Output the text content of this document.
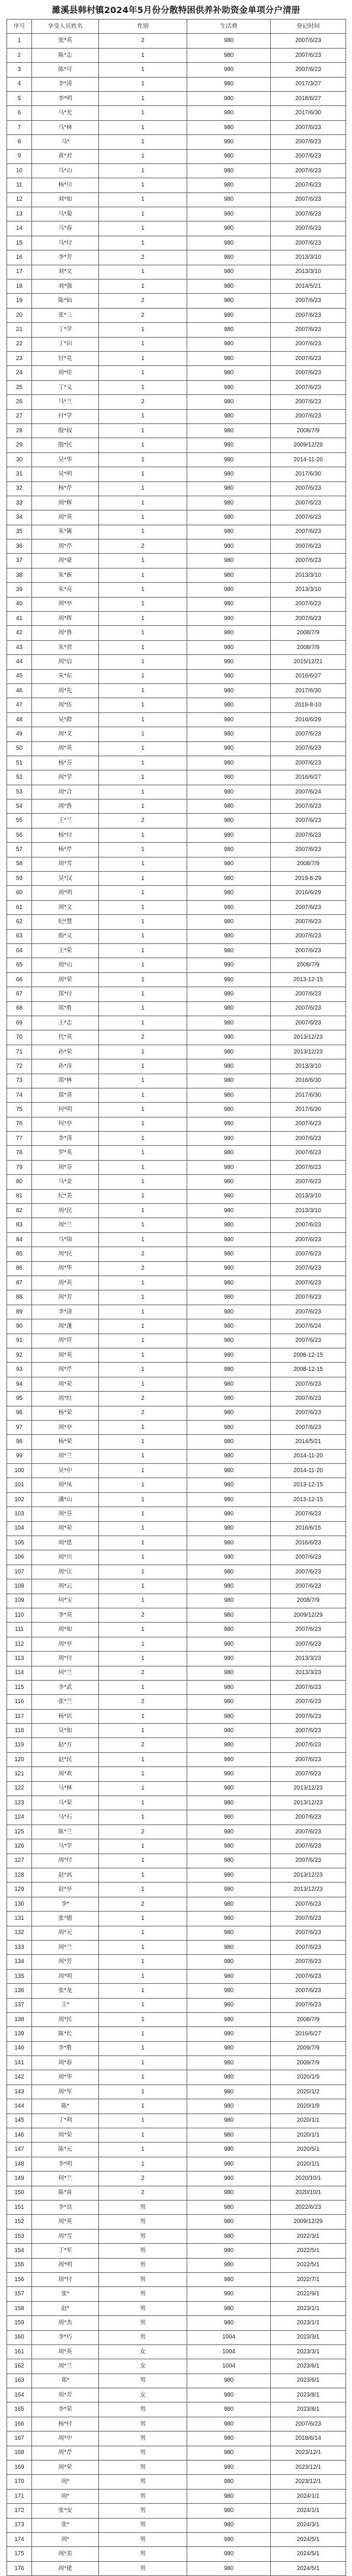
濉溪县韩村镇2024年5月份分散特困供养补助资金单项分户清册
序号	享受人员姓名	性别	生活费	登记时间
1	张*英	2	980	2007/6/23
2	陈*志	1	980	2007/6/23
3	陈*可	1	980	2007/6/23
4	李*清	1	980	2017/3/27
5	李*明	1	980	2018/6/27
6	马*光	1	980	2017/6/30
7	马*林	1	980	2007/6/23
8	马*	1	980	2007/6/23
9	黄*君	1	980	2007/6/23
10	马*山	1	980	2007/6/23
11	杨*川	1	980	2007/6/23
12	刘*如	1	980	2007/6/23
13	马*菊	1	980	2007/6/23
14	马*春	1	980	2007/6/23
15	马*付	1	980	2007/6/23
16	李*芳	2	980	2013/3/10
17	刘*文	1	980	2013/3/10
18	刘*强	1	980	2014/5/21
19	陈*仙	2	980	2007/6/23
20	张*三	2	980	2007/6/23
21	丁*学	1	980	2007/6/23
22	丁*田	1	980	2007/6/23
23	付*克	1	980	2007/6/23
24	周*佳	1	980	2007/6/23
25	丁*义	1	980	2007/6/23
26	马*兰	2	980	2007/6/23
27	付*学	1	980	2007/6/23
28	殷*叔	1	980	2008/7/9
29	殷*民	1	980	2009/12/29
30	吴*华	1	980	2014-11-20
31	吴*明	1	980	2017/6/30
32	杨*芹	1	980	2007/6/23
33	周*辉	1	980	2007/6/23
34	周*英	1	980	2007/6/23
35	朱*篱	1	980	2007/6/23
36	周*芹	2	980	2007/6/23
37	周*豪	1	980	2007/6/23
38	朱*新	1	980	2013/3/10
39	朱*亮	1	980	2013/3/10
40	周*亭	1	980	2007/6/23
41	周*晖	1	980	2007/6/23
42	周*鲁	1	980	2008/7/9
43	朱*君	1	980	2008/7/9
44	周*启	1	980	2015/12/21
45	朱*东	1	980	2016/6/27
46	周*先	1	980	2017/6/30
47	周*伍	1	980	2019-8-10
48	吴*群	1	980	2016/6/29
49	周*文	1	980	2007/6/23
50	周*英	1	980	2007/6/23
51	杨*芬	1	980	2007/6/23
52	周*学	1	980	2016/6/27
53	周*合	1	980	2007/6/24
54	周*鲁	1	980	2007/6/23
55	王*兰	2	980	2007/6/23
56	杨*付	1	980	2007/6/23
57	杨*芹	1	980	2007/6/23
58	周*雪	1	980	2008/7/9
59	吴*汉	1	980	2019-8-29
60	周*明	1	980	2016/6/29
61	周*文	1	980	2007/6/23
62	纪*慧	1	980	2007/6/23
63	殷*义	1	980	2007/6/23
64	王*荣	1	980	2007/6/23
65	周*山	1	980	2008/7/9
66	周*荣	1	980	2013-12-15
67	郑*付	1	980	2007/6/23
68	郑*胜	1	980	2007/6/23
69	王*志	1	980	2007/6/23
70	代*英	2	980	2013/12/23
71	孙*荣	1	980	2013/12/23
72	孙*彦	1	980	2013/3/10
73	郑*林	1	980	2016/6/30
74	郑*喜	1	980	2017/6/30
75	何*明	1	980	2017/6/30
76	何*亭	1	980	2007/6/23
77	李*清	1	980	2007/6/23
78	罗*英	1	980	2007/6/23
79	周*芬	1	980	2007/6/23
80	马*金	1	980	2007/6/23
81	纪*美	1	980	2013/3/10
82	周*民	1	980	2013/3/10
83	周*兰	1	980	2007/6/23
84	马*锦	1	980	2007/6/23
85	周*民	2	980	2007/6/23
86	周*华	2	980	2007/6/23
87	周*英	1	980	2007/6/23
88	周*芳	1	980	2007/6/23
89	李*清	1	980	2007/6/23
90	周*蓬	1	980	2007/6/24
91	周*祥	1	980	2007/6/23
92	周*英	1	980	2008-12-15
93	周*芹	1	980	2008-12-15
94	周*荣	1	980	2007/6/23
95	周*红	2	980	2007/6/23
96	杨*荣	2	980	2007/6/23
97	周*亭	1	980	2007/6/23
98	杨*荣	1	980	2014/5/21
99	周*兰	1	980	2014-11-20
100	吴*中	1	980	2014-11-20
101	周*凤	1	980	2013-12-15
102	潘*山	1	980	2013-12-15
103	周*芬	1	980	2007/6/23
104	周*荣	1	980	2016/6/15
105	周*恩	1	980	2016/6/23
106	周*川	1	980	2007/6/23
107	周*江	1	980	2007/6/23
108	周*云	1	980	2007/6/23
109	何*宝	1	980	2008/7/9
110	李*英	2	980	2009/12/29
111	周*如	1	980	2007/6/23
112	周*亭	1	980	2007/6/23
113	周*付	1	980	2013/3/23
114	何*兰	2	980	2013/3/23
115	李*武	1	980	2007/6/23
116	张*兰	2	980	2007/6/23
117	杨*宾	1	980	2007/6/23
118	吴*如	1	980	2007/6/23
119	赵*方	2	980	2007/6/23
120	赵*民	1	980	2007/6/23
121	周*欢	1	980	2007/6/23
122	马*林	1	980	2013/12/23
123	马*荣	1	980	2013/12/23
124	马*石	1	980	2007/6/23
125	陈*兰	2	980	2007/6/23
126	马*学	1	980	2007/6/23
127	周*付	1	980	2007/6/23
128	赵*高	1	980	2013/12/23
129	赵*亭	1	980	2013/12/23
130	李*	2	980	2007/6/23
131	张*德	1	980	2007/6/23
132	周*元	1	980	2007/6/23
133	周*兰	1	980	2007/6/23
134	周*芳	1	980	2007/6/23
135	周*明	1	980	2007/6/23
136	张*龙	1	980	2007/6/23
137	王*	1	980	2007/6/23
138	周*民	1	980	2008/7/9
139	陈*长	1	980	2016/6/27
140	李*胜	1	980	2009/7/9
141	周*春	1	980	2009/7/9
142	周*华	1	980	2020/1/9
143	周*军	1	980	2020/1/2
144	陈*	1	980	2020/1/9
145	丁*利	1	980	2020/1/1
146	周*荣	1	980	2020/1/1
147	陈*元	1	980	2020/5/1
148	李*明	1	980	2020/1/1
149	何*兰	2	980	2020/10/1
150	陈*苗	2	980	2020/10/1
151	李*良	男	980	2022/6/23
152	周*英	男	980	2009/12/29
153	周*雪	男	980	2022/3/1
154	丁*军	男	980	2022/5/1
155	周*明	男	980	2022/5/1
156	周*付	男	980	2022/7/1
157	张*	男	980	2022/9/1
158	赵*	男	980	2023/1/1
159	周*杰	男	980	2023/1/1
160	李*巧	男	1004	2023/3/1
161	周*英	女	1004	2023/3/1
162	周*兰	女	1004	2023/6/1
163	郑*	男	980	2023/6/1
164	周*芳	女	980	2023/8/1
165	李*荣	男	980	2023/8/1
166	杨*付	男	980	2007/6/23
167	周*中	男	980	2018/6/14
168	周*芹	男	980	2023/12/1
169	周*荣	男	980	2023/12/1
170	周*	男	980	2023/12/1
171	周*	男	980	2024/1/1
172	张*安	男	980	2024/1/1
173	张*	男	980	2024/3/1
174	周*	男	980	2024/5/1
175	周*美	男	980	2024/5/1
176	周*建	男	980	2024/5/1
